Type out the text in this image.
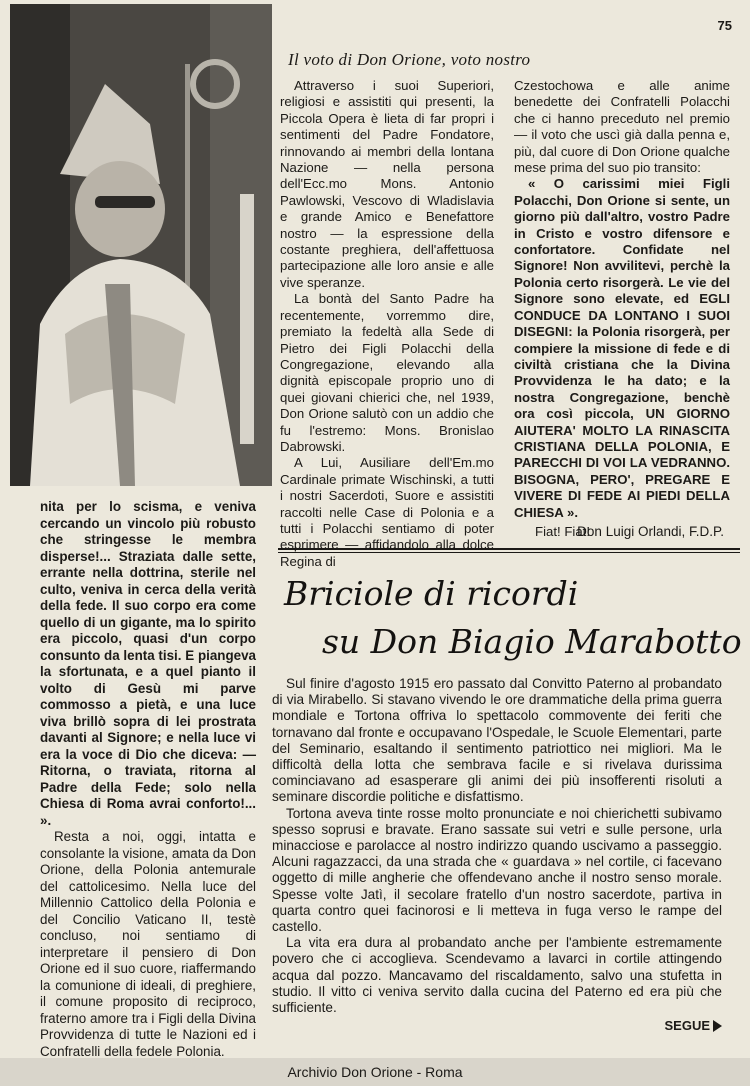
75
Il voto di Don Orione, voto nostro

nita per lo scisma, e veniva cercando un vincolo più robusto che stringesse le membra disperse!... Straziata dalle sette, errante nella dottrina, sterile nel culto, veniva in cerca della verità della fede. Il suo corpo era come quello di un gigante, ma lo spirito era piccolo, quasi d'un corpo consunto da lenta tisi. E piangeva la sfortunata, e a quel pianto il volto di Gesù mi parve commosso a pietà, e una luce viva brillò sopra di lei prostrata davanti al Signore; e nella luce vi era la voce di Dio che diceva: — Ritorna, o traviata, ritorna al Padre della Fede; solo nella Chiesa di Roma avrai conforto!... ».

Resta a noi, oggi, intatta e consolante la visione, amata da Don Orione, della Polonia antemurale del cattolicesimo. Nella luce del Millennio Cattolico della Polonia e del Concilio Vaticano II, testè concluso, noi sentiamo di interpretare il pensiero di Don Orione ed il suo cuore, riaffermando la comunione di ideali, di preghiere, il comune proposito di reciproco, fraterno amore tra i Figli della Divina Provvidenza di tutte le Nazioni ed i Confratelli della fedele Polonia.

Attraverso i suoi Superiori, religiosi e assistiti qui presenti, la Piccola Opera è lieta di far propri i sentimenti del Padre Fondatore, rinnovando ai membri della lontana Nazione — nella persona dell'Ecc.mo Mons. Antonio Pawlowski, Vescovo di Wladislavia e grande Amico e Benefattore nostro — la espressione della costante preghiera, dell'affettuosa partecipazione alle loro ansie e alle vive speranze.

La bontà del Santo Padre ha recentemente, vorremmo dire, premiato la fedeltà alla Sede di Pietro dei Figli Polacchi della Congregazione, elevando alla dignità episcopale proprio uno di quei giovani chierici che, nel 1939, Don Orione salutò con un addio che fu l'estremo: Mons. Bronislao Dabrowski.

A Lui, Ausiliare dell'Em.mo Cardinale primate Wischinski, a tutti i nostri Sacerdoti, Suore e assistiti raccolti nelle Case di Polonia e a tutti i Polacchi sentiamo di poter esprimere — affidandolo alla dolce Regina di

Czestochowa e alle anime benedette dei Confratelli Polacchi che ci hanno preceduto nel premio — il voto che uscì già dalla penna e, più, dal cuore di Don Orione qualche mese prima del suo pio transito:

« O carissimi miei Figli Polacchi, Don Orione si sente, un giorno più dall'altro, vostro Padre in Cristo e vostro difensore e confortatore. Confidate nel Signore! Non avvilitevi, perchè la Polonia certo risorgerà. Le vie del Signore sono elevate, ed EGLI CONDUCE DA LONTANO I SUOI DISEGNI: la Polonia risorgerà, per compiere la missione di fede e di civiltà cristiana che la Divina Provvidenza le ha dato; e la nostra Congregazione, benchè ora così piccola, UN GIORNO AIUTERA' MOLTO LA RINASCITA CRISTIANA DELLA POLONIA, E PARECCHI DI VOI LA VEDRANNO. BISOGNA, PERO', PREGARE E VIVERE DI FEDE AI PIEDI DELLA CHIESA ».

Fiat! Fiat!
Don Luigi Orlandi, F.D.P.
Briciole di ricordi
su Don Biagio Marabotto

Sul finire d'agosto 1915 ero passato dal Convitto Paterno al probandato di via Mirabello. Si stavano vivendo le ore drammatiche della prima guerra mondiale e Tortona offriva lo spettacolo commovente dei feriti che tornavano dal fronte e occupavano l'Ospedale, le Scuole Elementari, parte del Seminario, esaltando il sentimento patriottico nei migliori. Ma le difficoltà della lotta che sembrava facile e si rivelava durissima cominciavano ad esasperare gli animi dei più insofferenti risoluti a seminare discordie politiche e disfattismo.

Tortona aveva tinte rosse molto pronunciate e noi chierichetti subivamo spesso soprusi e bravate. Erano sassate sui vetri e sulle persone, urla minacciose e parolacce al nostro indirizzo quando uscivamo a passeggio. Alcuni ragazzacci, da una strada che « guardava » nel cortile, ci facevano oggetto di mille angherie che offendevano anche il nostro senso morale. Spesse volte Jatì, il secolare fratello d'un nostro sacerdote, partiva in quarta contro quei facinorosi e li metteva in fuga verso le rampe del castello.

La vita era dura al probandato anche per l'ambiente estremamente povero che ci accoglieva. Scendevamo a lavarci in cortile attingendo acqua dal pozzo. Mancavamo del riscaldamento, salvo una stufetta in studio. Il vitto ci veniva servito dalla cucina del Paterno ed era più che sufficiente.

SEGUE
Archivio Don Orione - Roma
